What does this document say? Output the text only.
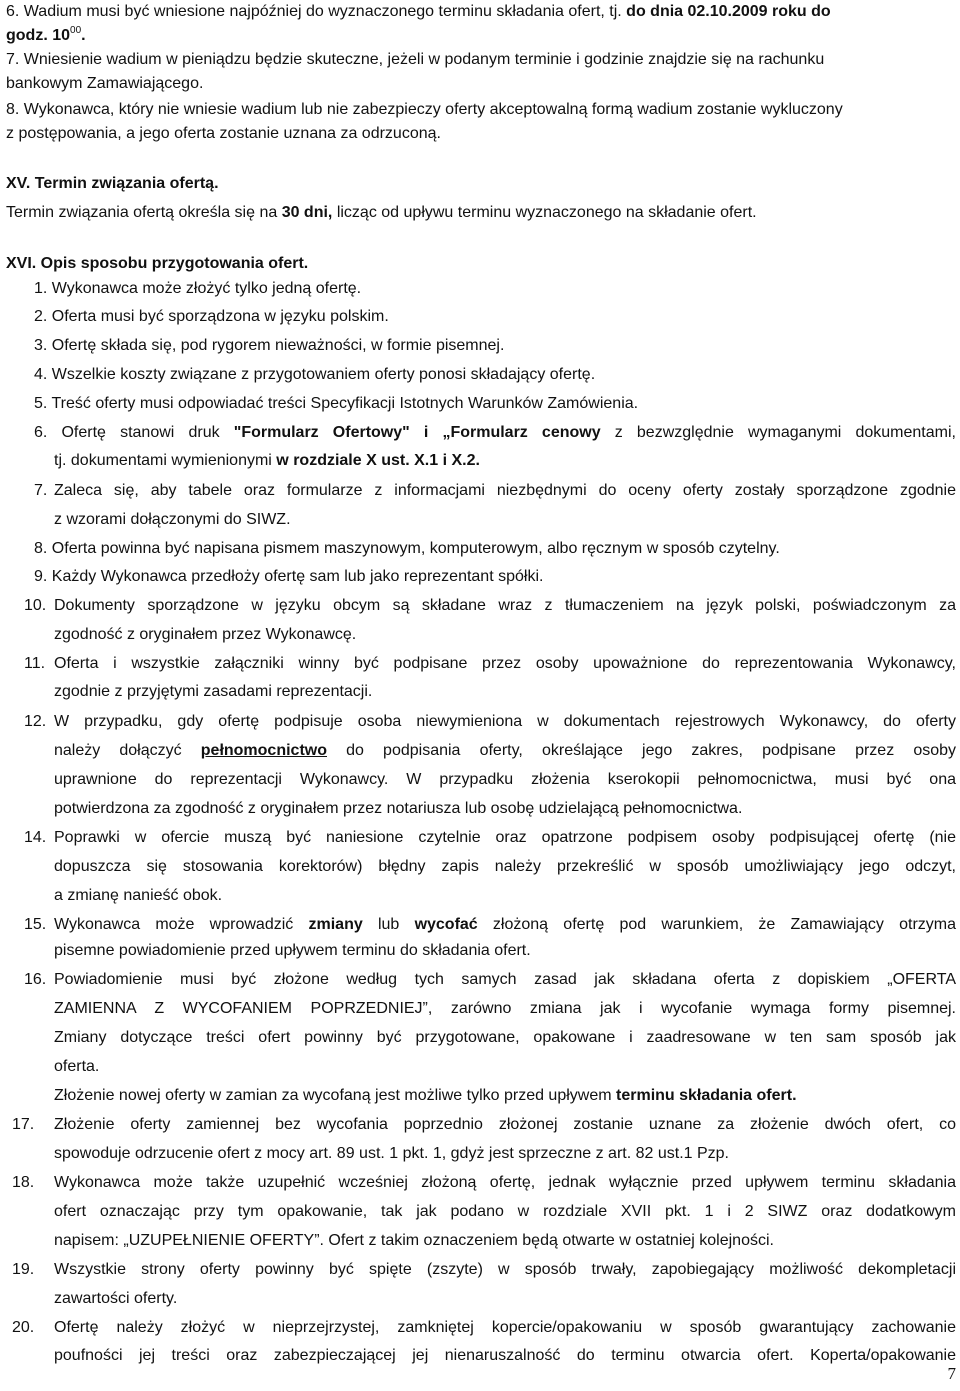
6. Wadium musi być wniesione najpóźniej do wyznaczonego terminu składania ofert, tj. do dnia 02.10.2009 roku do
godz. $10^{00}$.
7. Wniesienie wadium w pieniądzu będzie skuteczne, jeżeli w podanym terminie i godzinie znajdzie się na rachunku
bankowym Zamawiającego.
8. Wykonawca, który nie wniesie wadium lub nie zabezpieczy oferty akceptowalną formą wadium zostanie wykluczony
z postępowania, a jego oferta zostanie uznana za odrzuconą.
XV. Termin związania ofertą.
Termin związania ofertą określa się na 30 dni, licząc od upływu terminu wyznaczonego na składanie ofert.
XVI. Opis sposobu przygotowania ofert.
1. Wykonawca może złożyć tylko jedną ofertę.
2. Oferta musi być sporządzona w języku polskim.
3. Ofertę składa się, pod rygorem nieważności, w formie pisemnej.
4. Wszelkie koszty związane z przygotowaniem oferty ponosi składający ofertę.
5. Treść oferty musi odpowiadać treści Specyfikacji Istotnych Warunków Zamówienia.
6. Ofertę stanowi druk "Formularz Ofertowy" i „Formularz cenowy z bezwzględnie wymaganymi dokumentami,
tj. dokumentami wymienionymi w rozdziale X ust. X.1 i X.2.
7. Zaleca się, aby tabele oraz formularze z informacjami niezbędnymi do oceny oferty zostały sporządzone zgodnie
z wzorami dołączonymi do SIWZ.
8. Oferta powinna być napisana pismem maszynowym, komputerowym, albo ręcznym w sposób czytelny.
9. Każdy Wykonawca przedłoży ofertę sam lub jako reprezentant spółki.
10. Dokumenty sporządzone w języku obcym są składane wraz z tłumaczeniem na język polski, poświadczonym za
zgodność z oryginałem przez Wykonawcę.
11. Oferta i wszystkie załączniki winny być podpisane przez osoby upoważnione do reprezentowania Wykonawcy,
zgodnie z przyjętymi zasadami reprezentacji.
12. W przypadku, gdy ofertę podpisuje osoba niewymieniona w dokumentach rejestrowych Wykonawcy, do oferty
należy dołączyć pełnomocnictwo do podpisania oferty, określające jego zakres, podpisane przez osoby
uprawnione do reprezentacji Wykonawcy. W przypadku złożenia kserokopii pełnomocnictwa, musi być ona
potwierdzona za zgodność z oryginałem przez notariusza lub osobę udzielającą pełnomocnictwa.
14. Poprawki w ofercie muszą być naniesione czytelnie oraz opatrzone podpisem osoby podpisującej ofertę (nie
dopuszcza się stosowania korektorów) błędny zapis należy przekreślić w sposób umożliwiający jego odczyt,
a zmianę nanieść obok.
15. Wykonawca może wprowadzić zmiany lub wycofać złożoną ofertę pod warunkiem, że Zamawiający otrzyma
pisemne powiadomienie przed upływem terminu do składania ofert.
16. Powiadomienie musi być złożone według tych samych zasad jak składana oferta z dopiskiem „OFERTA
ZAMIENNA Z WYCOFANIEM POPRZEDNIEJ”, zarówno zmiana jak i wycofanie wymaga formy pisemnej.
Zmiany dotyczące treści ofert powinny być przygotowane, opakowane i zaadresowane w ten sam sposób jak
oferta.
Złożenie nowej oferty w zamian za wycofaną jest możliwe tylko przed upływem terminu składania ofert.
17. Złożenie oferty zamiennej bez wycofania poprzednio złożonej zostanie uznane za złożenie dwóch ofert, co
spowoduje odrzucenie ofert z mocy art. 89 ust. 1 pkt. 1, gdyż jest sprzeczne z art. 82 ust.1 Pzp.
18. Wykonawca może także uzupełnić wcześniej złożoną ofertę, jednak wyłącznie przed upływem terminu składania
ofert oznaczając przy tym opakowanie, tak jak podano w rozdziale XVII pkt. 1 i 2 SIWZ oraz dodatkowym
napisem: „UZUPEŁNIENIE OFERTY”. Ofert z takim oznaczeniem będą otwarte w ostatniej kolejności.
19. Wszystkie strony oferty powinny być spięte (zszyte) w sposób trwały, zapobiegający możliwość dekompletacji
zawartości oferty.
20. Ofertę należy złożyć w nieprzejrzystej, zamkniętej kopercie/opakowaniu w sposób gwarantujący zachowanie
poufności jej treści oraz zabezpieczającej jej nienaruszalność do terminu otwarcia ofert. Koperta/opakowanie
7
